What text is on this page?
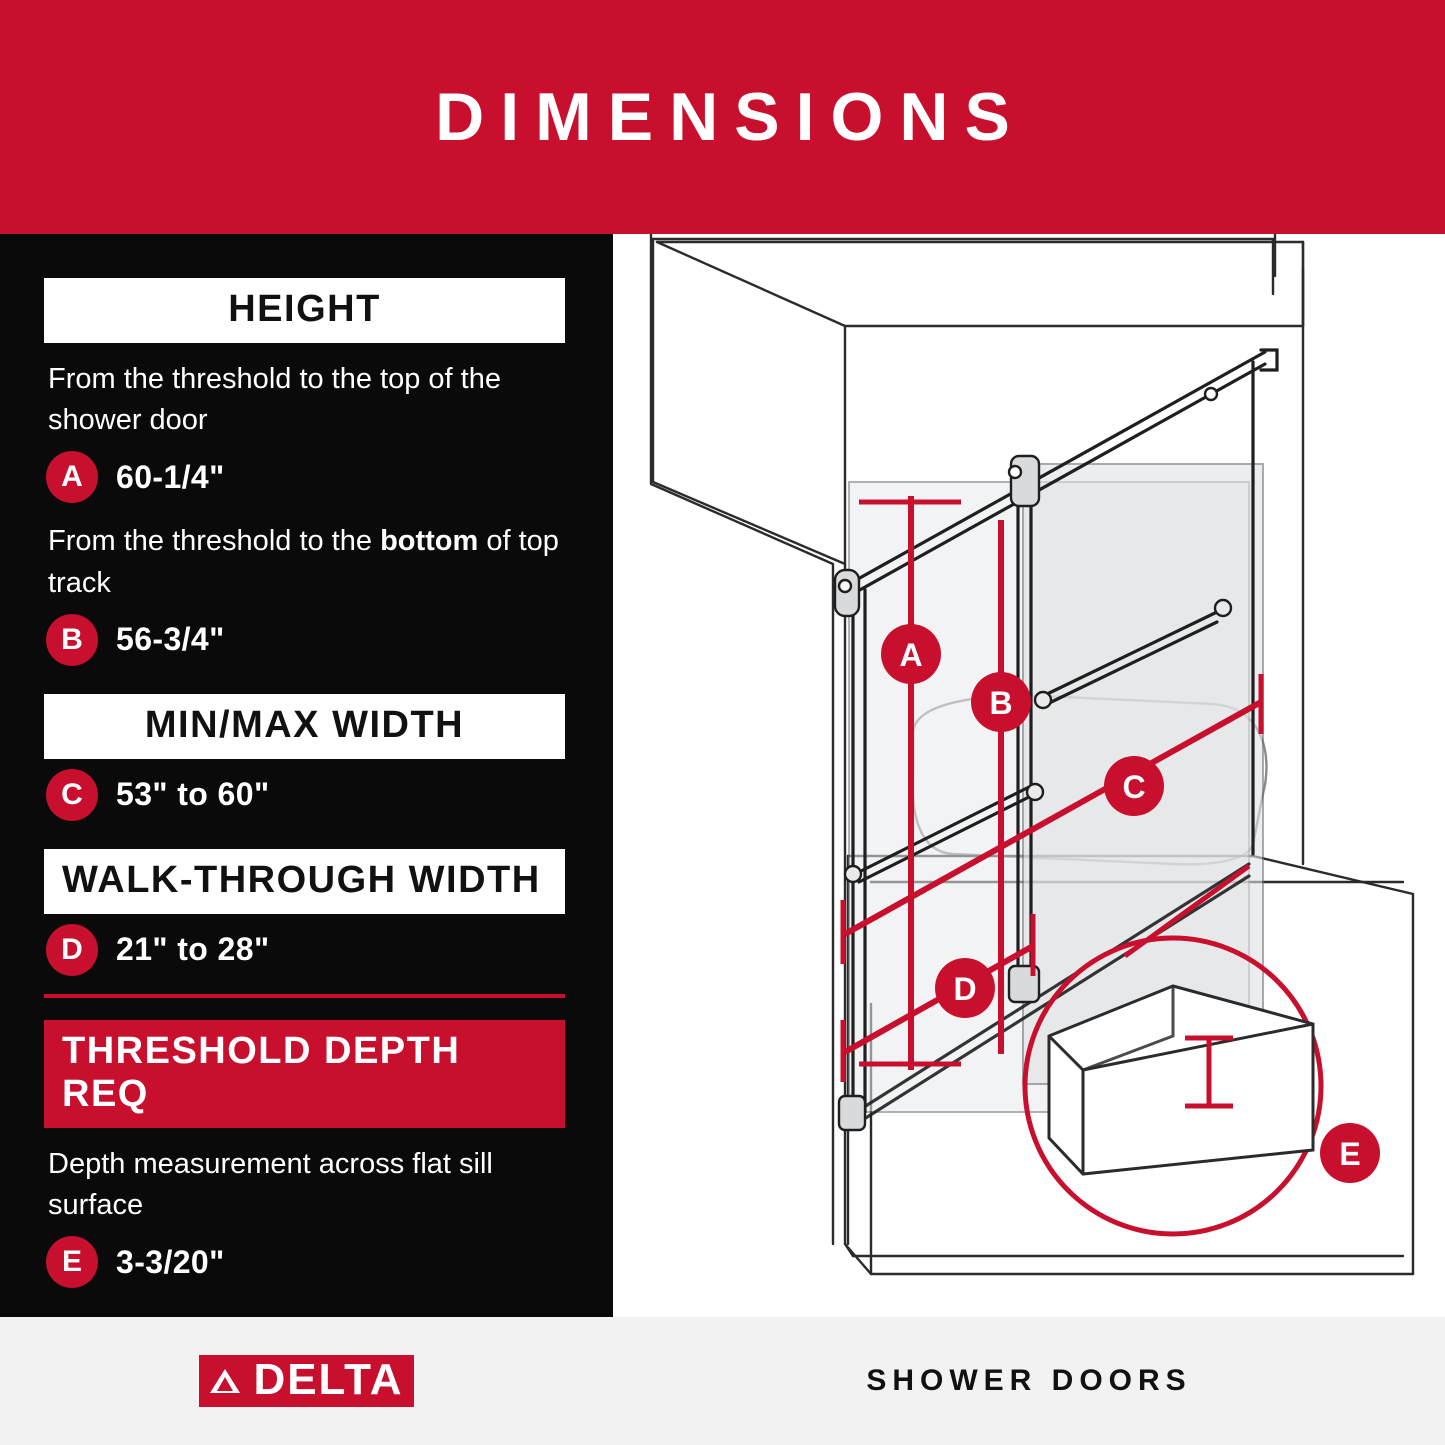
DIMENSIONS
HEIGHT
From the threshold to the top of the shower door
A	60-1/4"
From the threshold to the bottom of top track
B	56-3/4"
MIN/MAX WIDTH
C	53" to 60"
WALK-THROUGH WIDTH
D	21" to 28"
THRESHOLD DEPTH REQ
Depth measurement across flat sill surface
E	3-3/20"
A
B
C
D
E
DELTA	SHOWER DOORS
